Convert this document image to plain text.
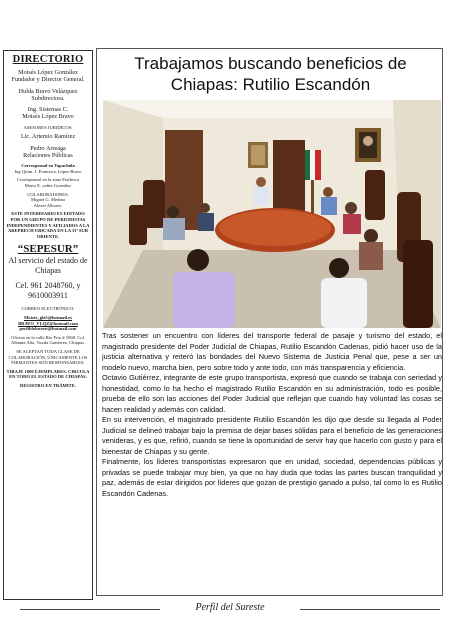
DIRECTORIO
Moisés López González
Fundador y Director General.
Hulda Bravo Velázquez
Subdirectora.
Ing. Sistemas C.
Moisés López Bravo
ASESORES JURIDICOS:
Lic. Artemio Ramírez
Pedro Arreaga
Relaciones Públicas
Corresponsal en Tapachula
Ing Quím. J. Francisco López Bravo
Corresponsal en la zona Frailesca
Mario E. yañes González
COLABORADORES:
Miguel G. Medina
Alexei Albores.
ESTE INTERDIARIO ES EDITADO POR UN GRUPO DE PERIODISTAS INDEPENDIENTES Y AFILIADOS A LA AREPRECH UBICADA EN LA 11ª SUR ORIENTE.
“SEPESUR”
Al servicio del estado de Chiapas
Cel. 961 2048760, y 9610003911
CORREO ELECTRÓNICO:
Moisés_glz5@hotmail.es
BRAVO_VLQZ@hotmail.com
perfildelsurest@hotmail.com
Oficina en la calle Rio Frio # 1068. Col. Albania Alta. Tuxtla Gutiérrez, Chiapas.
SE ACEPTAN TODA CLASE DE COLABORACIÓN, ÚNICAMENTE LOS FIRMANTES SON RESPONSABLES.
TIRAJE 1000 EJEMPLARES. CIRCULA EN TODO EL ESTADO DE CHIAPAS.
REGISTRO EN TRÁMITE.
Trabajamos buscando beneficios de
Chiapas: Rutilio Escandón

Tras sostener un encuentro con líderes del transporte federal de pasaje y turismo del estado, el magistrado presidente del Poder Judicial de Chiapas, Rutilio Escandón Cadenas, pidió hacer uso de la justicia alternativa y reiteró las bondades del Nuevo Sistema de Justicia Penal que, pese a ser un modelo nuevo, marcha bien, pero sobre todo y ante todo, con más transparencia y eficiencia.

Octavio Gutiérrez, integrante de este grupo transportista, expresó que cuando se trabaja con seriedad y honestidad, como lo ha hecho el magistrado Rutilio Escandón en su administración, todo es posible, prueba de ello son las acciones del Poder Judicial que reflejan que cuando hay voluntad las cosas se hacen realidad y además con calidad.

En su intervención, el magistrado presidente Rutilio Escandón les dijo que desde su llegada al Poder Judicial se delineó trabajar bajo la premisa de dejar bases sólidas para el beneficio de las generaciones venideras, y es que, refirió, cuando se tiene la oportunidad de servir hay que hacerlo con gusto y para el bienestar de Chiapas y su gente.

Finalmente, los líderes transportistas expresaron que en unidad, sociedad, dependencias públicas y privadas se puede trabajar muy bien, ya que no hay duda que todas las partes buscan tranquilidad y paz, además de estar dirigidos por líderes que gozan de prestigio ganado a pulso, tal como lo es Rutilio Escandón Cadenas.

Perfil del Sureste
